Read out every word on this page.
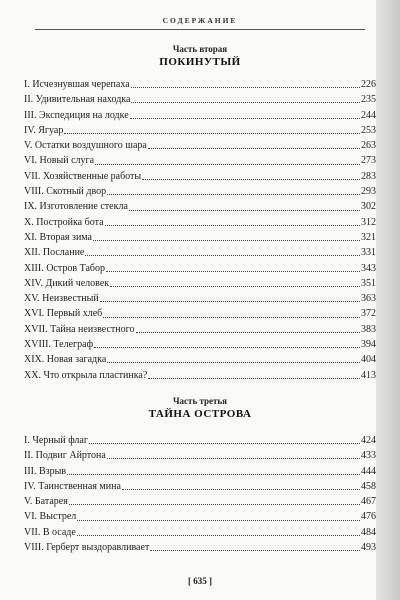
СОДЕРЖАНИЕ
Часть вторая
ПОКИНУТЫЙ
I. Исчезнувшая черепаха	226
II. Удивительная находка	235
III. Экспедиция на лодке	244
IV. Ягуар	253
V. Остатки воздушного шара	263
VI. Новый слуга	273
VII. Хозяйственные работы	283
VIII. Скотный двор	293
IX. Изготовление стекла	302
X. Постройка бота	312
XI. Вторая зима	321
XII. Послание	331
XIII. Остров Табор	343
XIV. Дикий человек	351
XV. Неизвестный	363
XVI. Первый хлеб	372
XVII. Тайна неизвестного	383
XVIII. Телеграф	394
XIX. Новая загадка	404
XX. Что открыла пластинка?	413
Часть третья
ТАЙНА ОСТРОВА
I. Черный флаг	424
II. Подвиг Айртона	433
III. Взрыв	444
IV. Таинственная мина	458
V. Батарея	467
VI. Выстрел	476
VII. В осаде	484
VIII. Герберт выздоравливает	493
[ 635 ]
